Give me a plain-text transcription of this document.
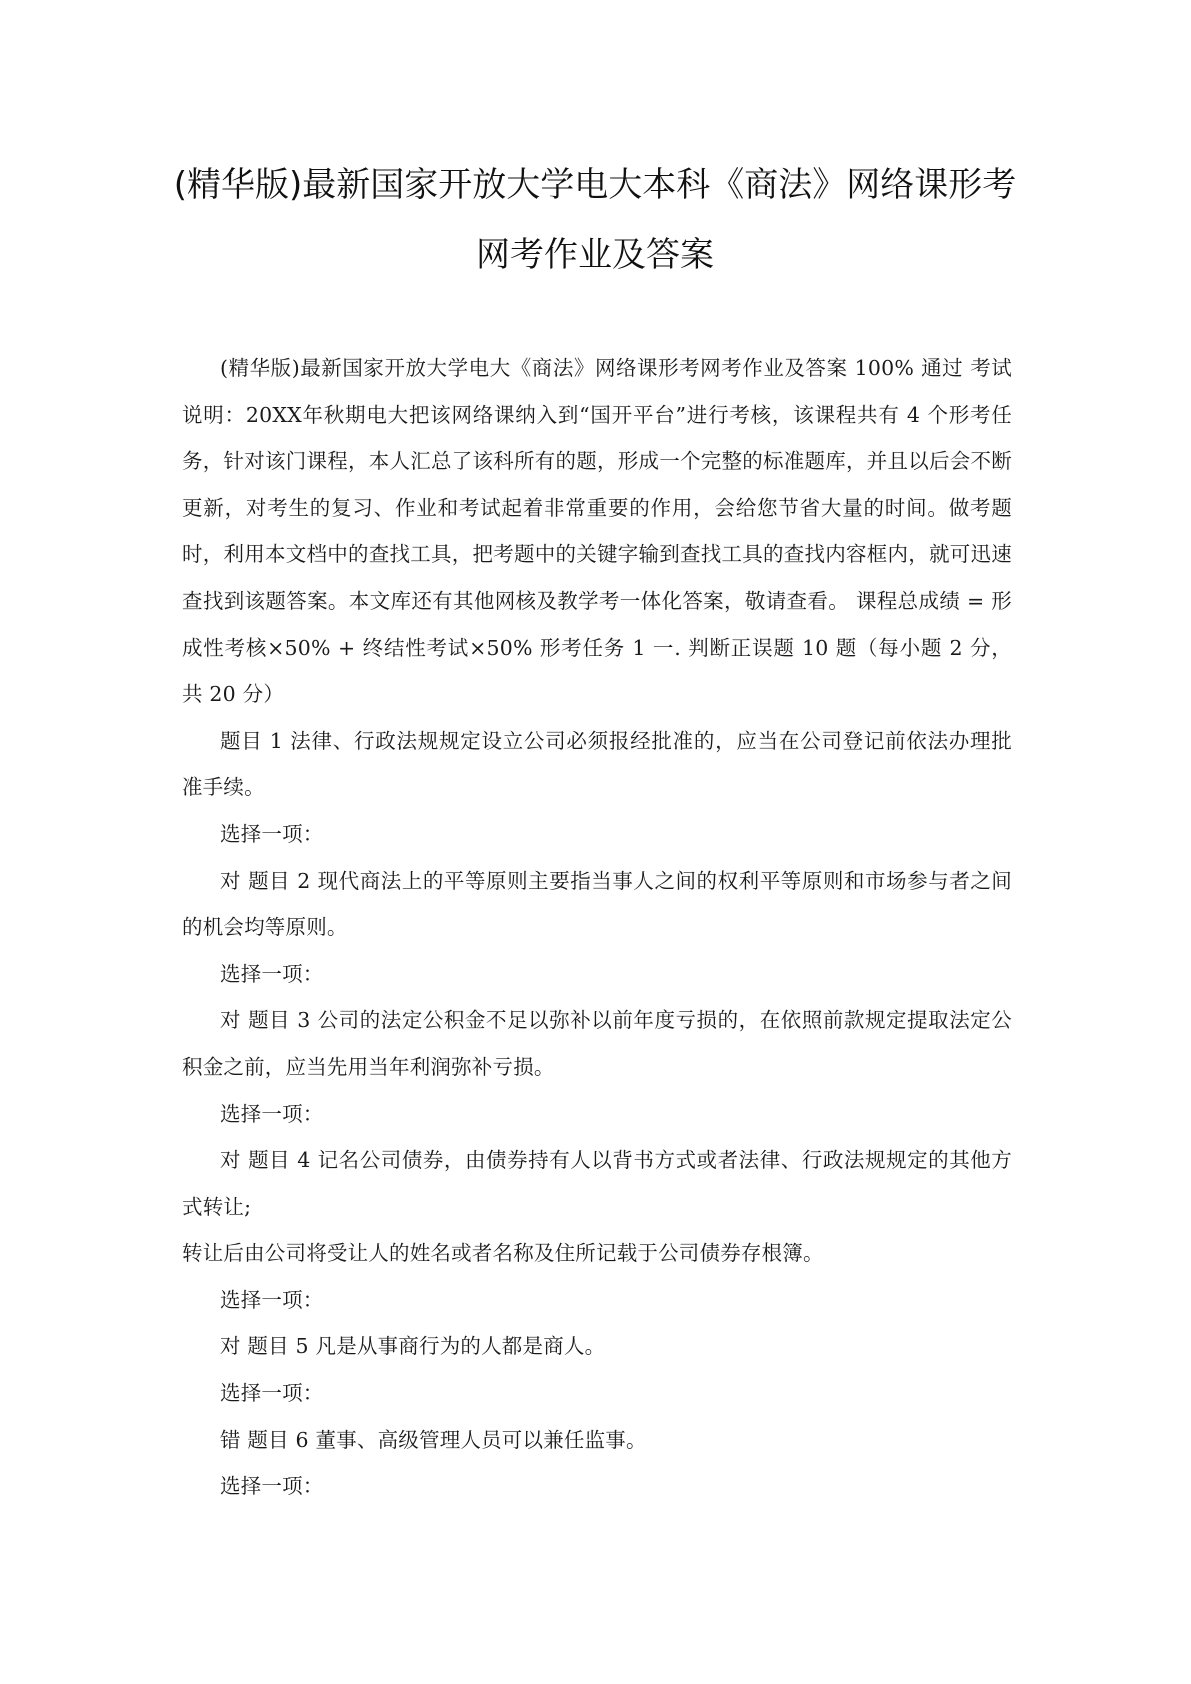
(精华版)最新国家开放大学电大本科《商法》网络课形考网考作业及答案

(精华版)最新国家开放大学电大《商法》网络课形考网考作业及答案 100% 通过 考试说明：20XX年秋期电大把该网络课纳入到“国开平台”进行考核，该课程共有 4 个形考任务，针对该门课程，本人汇总了该科所有的题，形成一个完整的标准题库，并且以后会不断更新，对考生的复习、作业和考试起着非常重要的作用，会给您节省大量的时间。做考题时，利用本文档中的查找工具，把考题中的关键字输到查找工具的查找内容框内，就可迅速查找到该题答案。本文库还有其他网核及教学考一体化答案，敬请查看。 课程总成绩 = 形成性考核×50% + 终结性考试×50% 形考任务 1 一. 判断正误题 10 题（每小题 2 分，共 20 分）

题目 1 法律、行政法规规定设立公司必须报经批准的，应当在公司登记前依法办理批准手续。

选择一项：

对 题目 2 现代商法上的平等原则主要指当事人之间的权利平等原则和市场参与者之间的机会均等原则。

选择一项：

对 题目 3 公司的法定公积金不足以弥补以前年度亏损的，在依照前款规定提取法定公积金之前，应当先用当年利润弥补亏损。

选择一项：

对 题目 4 记名公司债券，由债券持有人以背书方式或者法律、行政法规规定的其他方式转让;

转让后由公司将受让人的姓名或者名称及住所记载于公司债券存根簿。

选择一项：

对 题目 5 凡是从事商行为的人都是商人。

选择一项：

错 题目 6 董事、高级管理人员可以兼任监事。

选择一项：
